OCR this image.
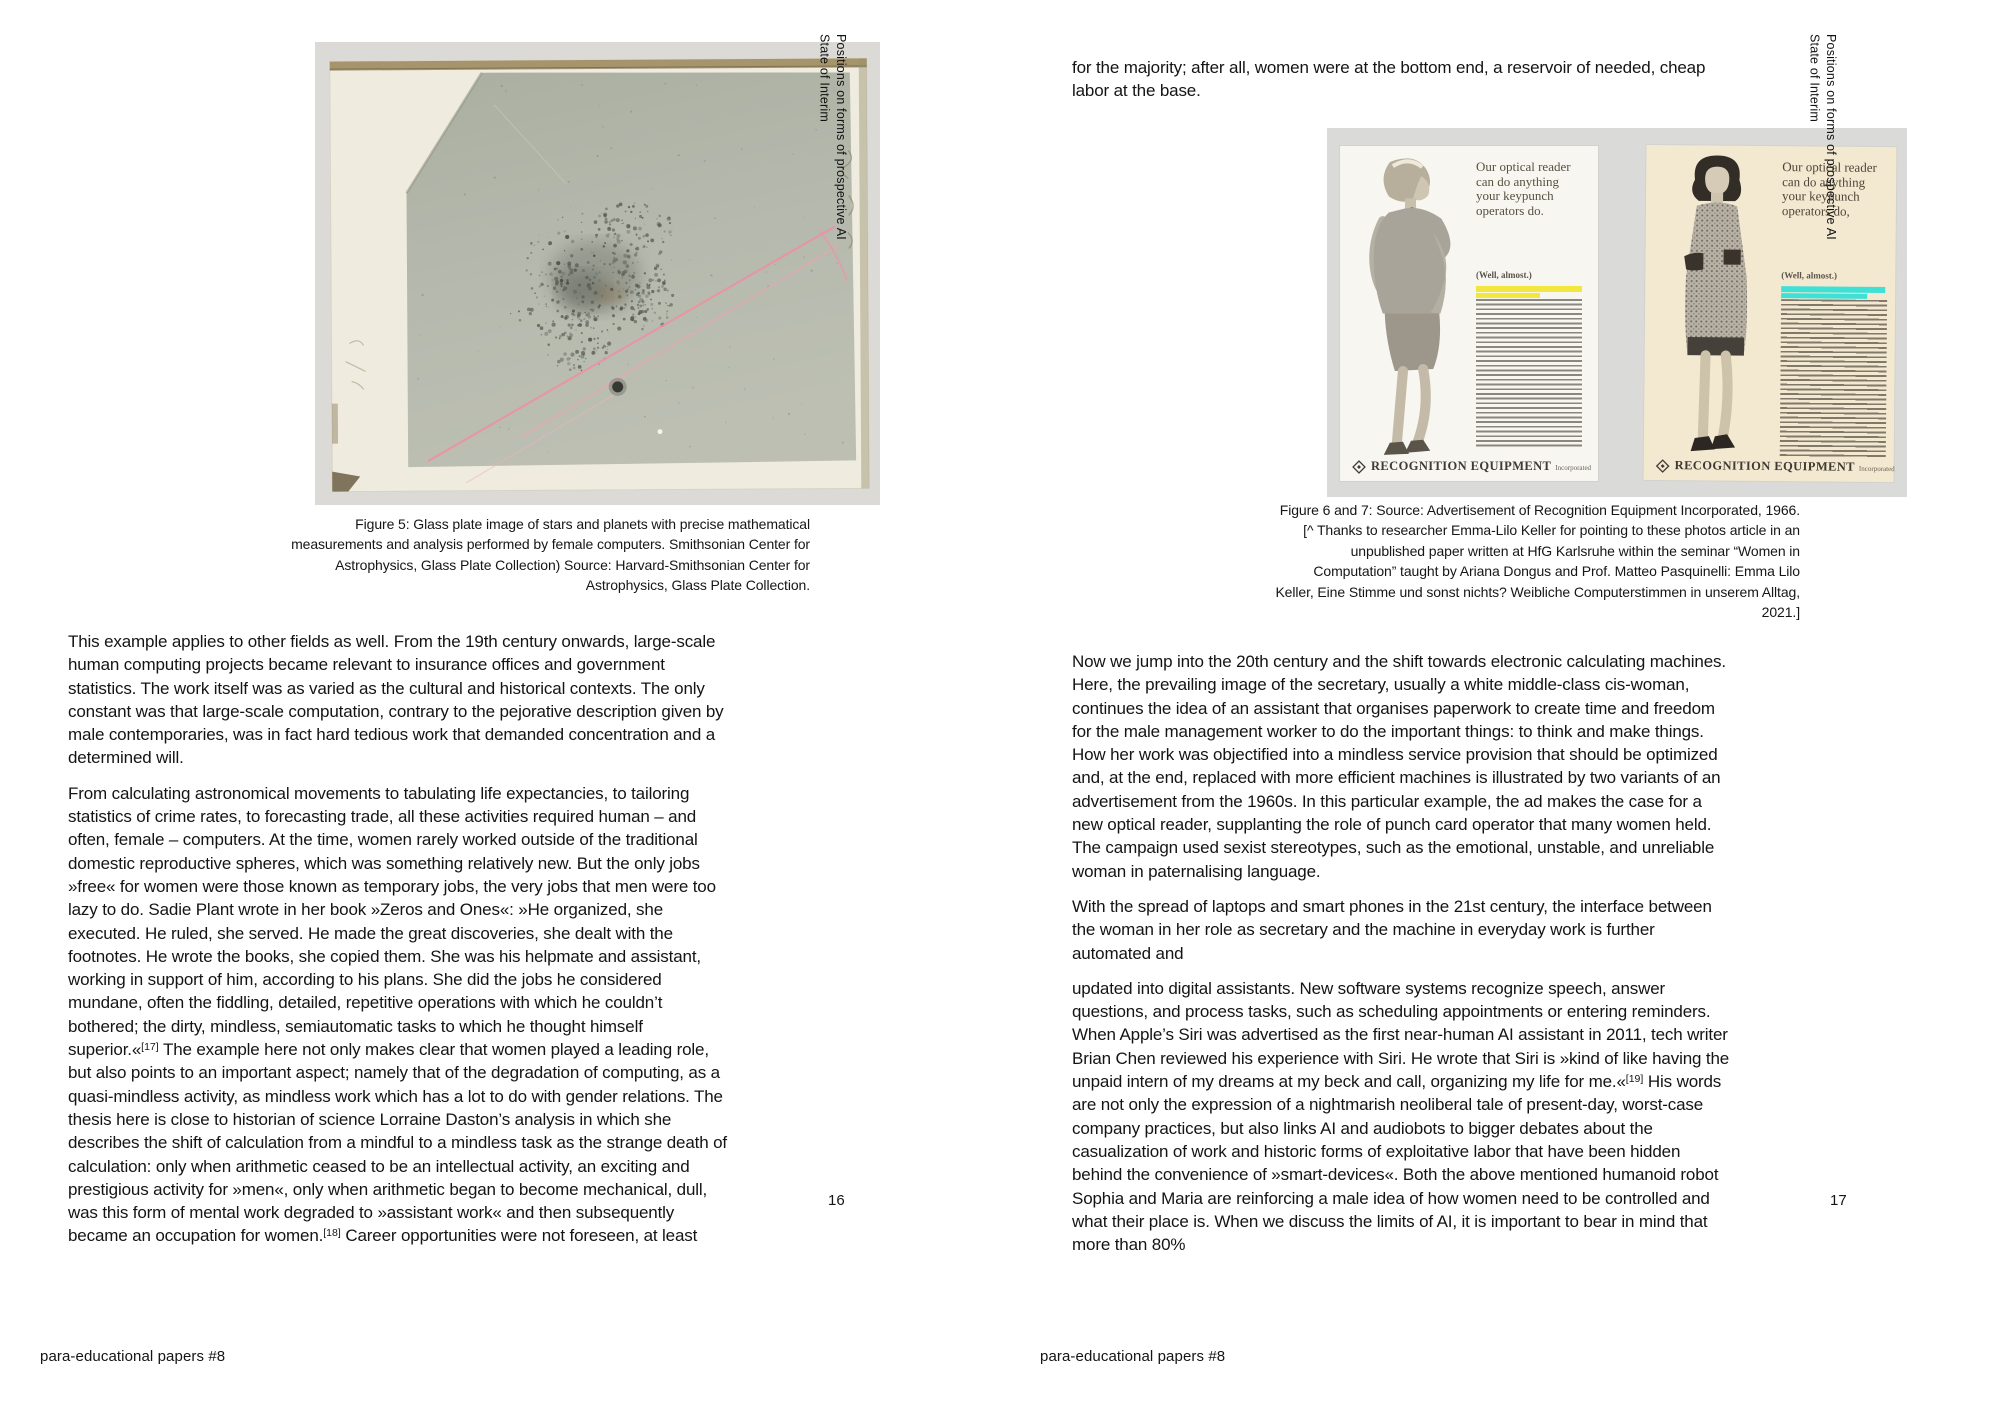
State of Interim Positions on forms of prospective AI
Figure 5: Glass plate image of stars and planets with precise mathematical measurements and analysis performed by female computers. Smithsonian Center for Astrophysics, Glass Plate Collection) Source: Harvard-Smithsonian Center for Astrophysics, Glass Plate Collection.

This example applies to other fields as well. From the 19th century onwards, large-scale human computing projects became relevant to insurance offices and government statistics. The work itself was as varied as the cultural and historical contexts. The only constant was that large-scale computation, contrary to the pejorative description given by male contemporaries, was in fact hard tedious work that demanded concentration and a determined will.

From calculating astronomical movements to tabulating life expectancies, to tailoring statistics of crime rates, to forecasting trade, all these activities required human – and often, female – computers. At the time, women rarely worked outside of the traditional domestic reproductive spheres, which was something relatively new. But the only jobs »free« for women were those known as temporary jobs, the very jobs that men were too lazy to do. Sadie Plant wrote in her book »Zeros and Ones«: »He organized, she executed. He ruled, she served. He made the great discoveries, she dealt with the footnotes. He wrote the books, she copied them. She was his helpmate and assistant, working in support of him, according to his plans. She did the jobs he considered mundane, often the fiddling, detailed, repetitive operations with which he couldn’t bothered; the dirty, mindless, semiautomatic tasks to which he thought himself superior.«[17] The example here not only makes clear that women played a leading role, but also points to an important aspect; namely that of the degradation of computing, as a quasi-mindless activity, as mindless work which has a lot to do with gender relations. The thesis here is close to historian of science Lorraine Daston’s analysis in which she describes the shift of calculation from a mindful to a mindless task as the strange death of calculation: only when arithmetic ceased to be an intellectual activity, an exciting and prestigious activity for »men«, only when arithmetic began to become mechanical, dull, was this form of mental work degraded to »assistant work« and then subsequently became an occupation for women.[18] Career opportunities were not foreseen, at least

16
para-educational papers #8

for the majority; after all, women were at the bottom end, a reservoir of needed, cheap labor at the base.

Our optical reader can do anything your keypunch operators do.
(Well, almost.)
RECOGNITION EQUIPMENT Incorporated
Our optical reader can do anything your keypunch operators do,
(Well, almost.)
RECOGNITION EQUIPMENT Incorporated
State of Interim Positions on forms of prospective AI
Figure 6 and 7: Source: Advertisement of Recognition Equipment Incorporated, 1966.[^ Thanks to researcher Emma-Lilo Keller for pointing to these photos article in an unpublished paper written at HfG Karlsruhe within the seminar “Women in Computation” taught by Ariana Dongus and Prof. Matteo Pasquinelli: Emma Lilo Keller, Eine Stimme und sonst nichts? Weibliche Computerstimmen in unserem Alltag, 2021.]

Now we jump into the 20th century and the shift towards electronic calculating machines. Here, the prevailing image of the secretary, usually a white middle-class cis-woman, continues the idea of an assistant that organises paperwork to create time and freedom for the male management worker to do the important things: to think and make things. How her work was objectified into a mindless service provision that should be optimized and, at the end, replaced with more efficient machines is illustrated by two variants of an advertisement from the 1960s. In this particular example, the ad makes the case for a new optical reader, supplanting the role of punch card operator that many women held. The campaign used sexist stereotypes, such as the emotional, unstable, and unreliable woman in paternalising language.

With the spread of laptops and smart phones in the 21st century, the interface between the woman in her role as secretary and the machine in everyday work is further automated and

updated into digital assistants. New software systems recognize speech, answer questions, and process tasks, such as scheduling appointments or entering reminders. When Apple’s Siri was advertised as the first near-human AI assistant in 2011, tech writer Brian Chen reviewed his experience with Siri. He wrote that Siri is »kind of like having the unpaid intern of my dreams at my beck and call, organizing my life for me.«[19] His words are not only the expression of a nightmarish neoliberal tale of present-day, worst-case company practices, but also links AI and audiobots to bigger debates about the casualization of work and historic forms of exploitative labor that have been hidden behind the convenience of »smart-devices«. Both the above mentioned humanoid robot Sophia and Maria are reinforcing a male idea of how women need to be controlled and what their place is. When we discuss the limits of AI, it is important to bear in mind that more than 80%

17
para-educational papers #8
